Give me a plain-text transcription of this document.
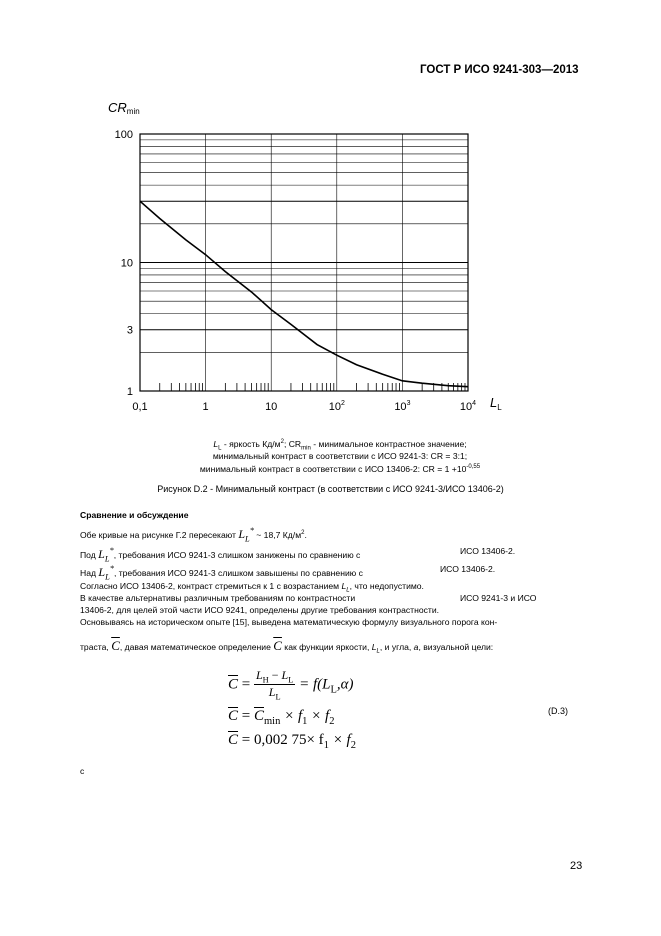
ГОСТ Р ИСО 9241-303—2013
0,1	1	10	$10^2$	$10^3$	$10^4$
1
3
10
100
CRmin
$L_L$
$L_L$ - яркость $Кд/м^2$; $CR_{min}$ - минимальное контрастное значение;
минимальный контраст в соответствии с ИСО 9241-3: CR = 3:1;
минимальный контраст в соответствии с ИСО 13406-2: CR = $1 +10^{-0,55}$
Рисунок D.2 - Минимальный контраст (в соответствии с ИСО 9241-3/ИСО 13406-2)
Сравнение и обсуждение
Обе кривые на рисунке Г.2 пересекают $L_L^*$ ~ 18,7 $Кд/м^2$.
Под $L_L^*$, требования ИСО 9241-3 слишком занижены по сравнению с	ИСО 13406-2.
Над $L_L^*$, требования ИСО 9241-3 слишком завышены по сравнению с	ИСО 13406-2.
Согласно ИСО 13406-2, контраст стремиться к 1 с возрастанием $L_L$, что недопустимо.
В качестве альтернативы различным требованиям по контрастности	ИСО 9241-3 и ИСО
13406-2, для целей этой части ИСО 9241, определены другие требования контрастности.
Основываясь на историческом опыте [15], выведена математическую формулу визуального порога кон-
траста, $\overline{C}$, давая математическое определение $\overline{C}$ как функции яркости, $L_L$, и угла, a, визуальной цели:
$\overline{C} = \frac{L_H - L_L}{L_L} = f(L_L,\alpha)$
$\overline{C} = \overline{C}_{min} \times f_1 \times f_2$
$\overline{C} = 0,002$ $75\times f_1 \times f_2$
(D.3)
с
23
